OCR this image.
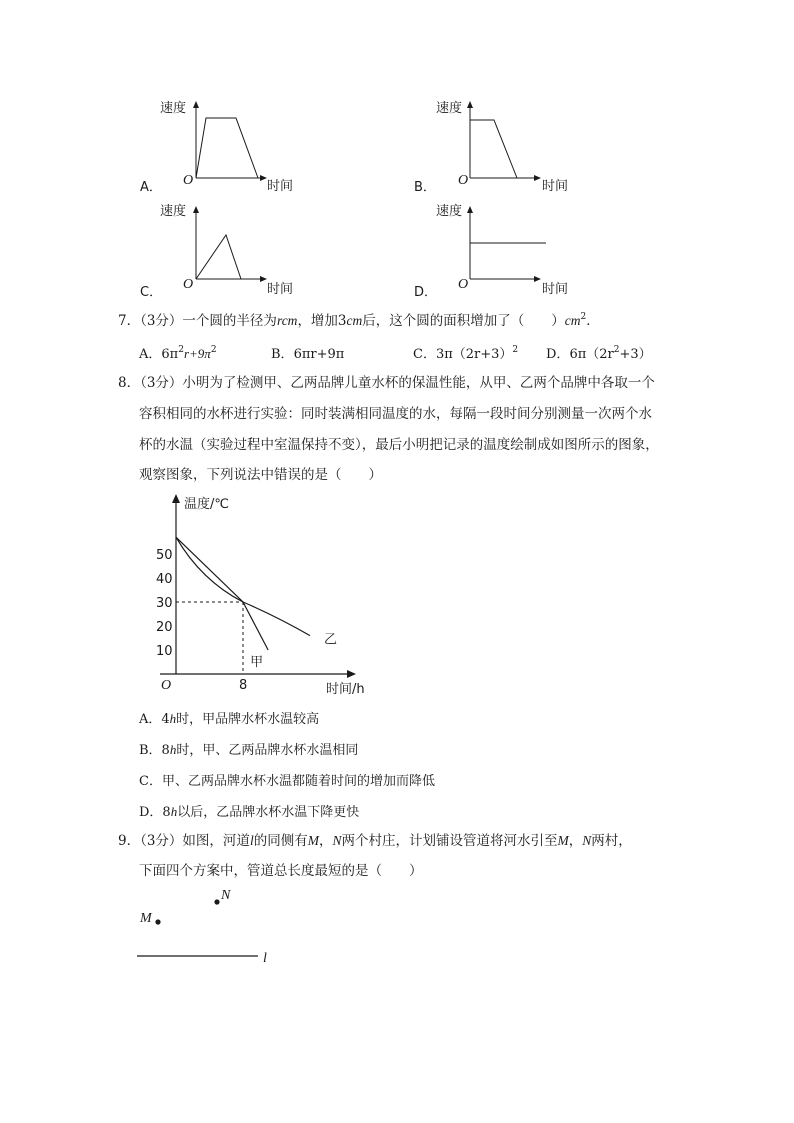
速度
时间
O
A．
速度
时间
O
B．
速度
时间
O
C．
速度
时间
O
D．
7．（3分）一个圆的半径为rcm，增加3cm后，这个圆的面积增加了（　　）$cm^2$．
A．$6\pi^2r+9\pi^2$	B．6πr+9π	C．$3\pi(2r+3)^2$ D．$6\pi(2r^2+3)$
8．（3分）小明为了检测甲、乙两品牌儿童水杯的保温性能，从甲、乙两个品牌中各取一个
容积相同的水杯进行实验：同时装满相同温度的水，每隔一段时间分别测量一次两个水
杯的水温（实验过程中室温保持不变），最后小明把记录的温度绘制成如图所示的图象，
观察图象，下列说法中错误的是（　　）
温度/℃
时间/h
O
50
40
30
20
10
8
甲
乙
A．4h时，甲品牌水杯水温较高
B．8h时，甲、乙两品牌水杯水温相同
C．甲、乙两品牌水杯水温都随着时间的增加而降低
D．8h以后，乙品牌水杯水温下降更快
9．（3分）如图，河道l的同侧有M，N两个村庄，计划铺设管道将河水引至M，N两村，
下面四个方案中，管道总长度最短的是（　　）
N
M
l
